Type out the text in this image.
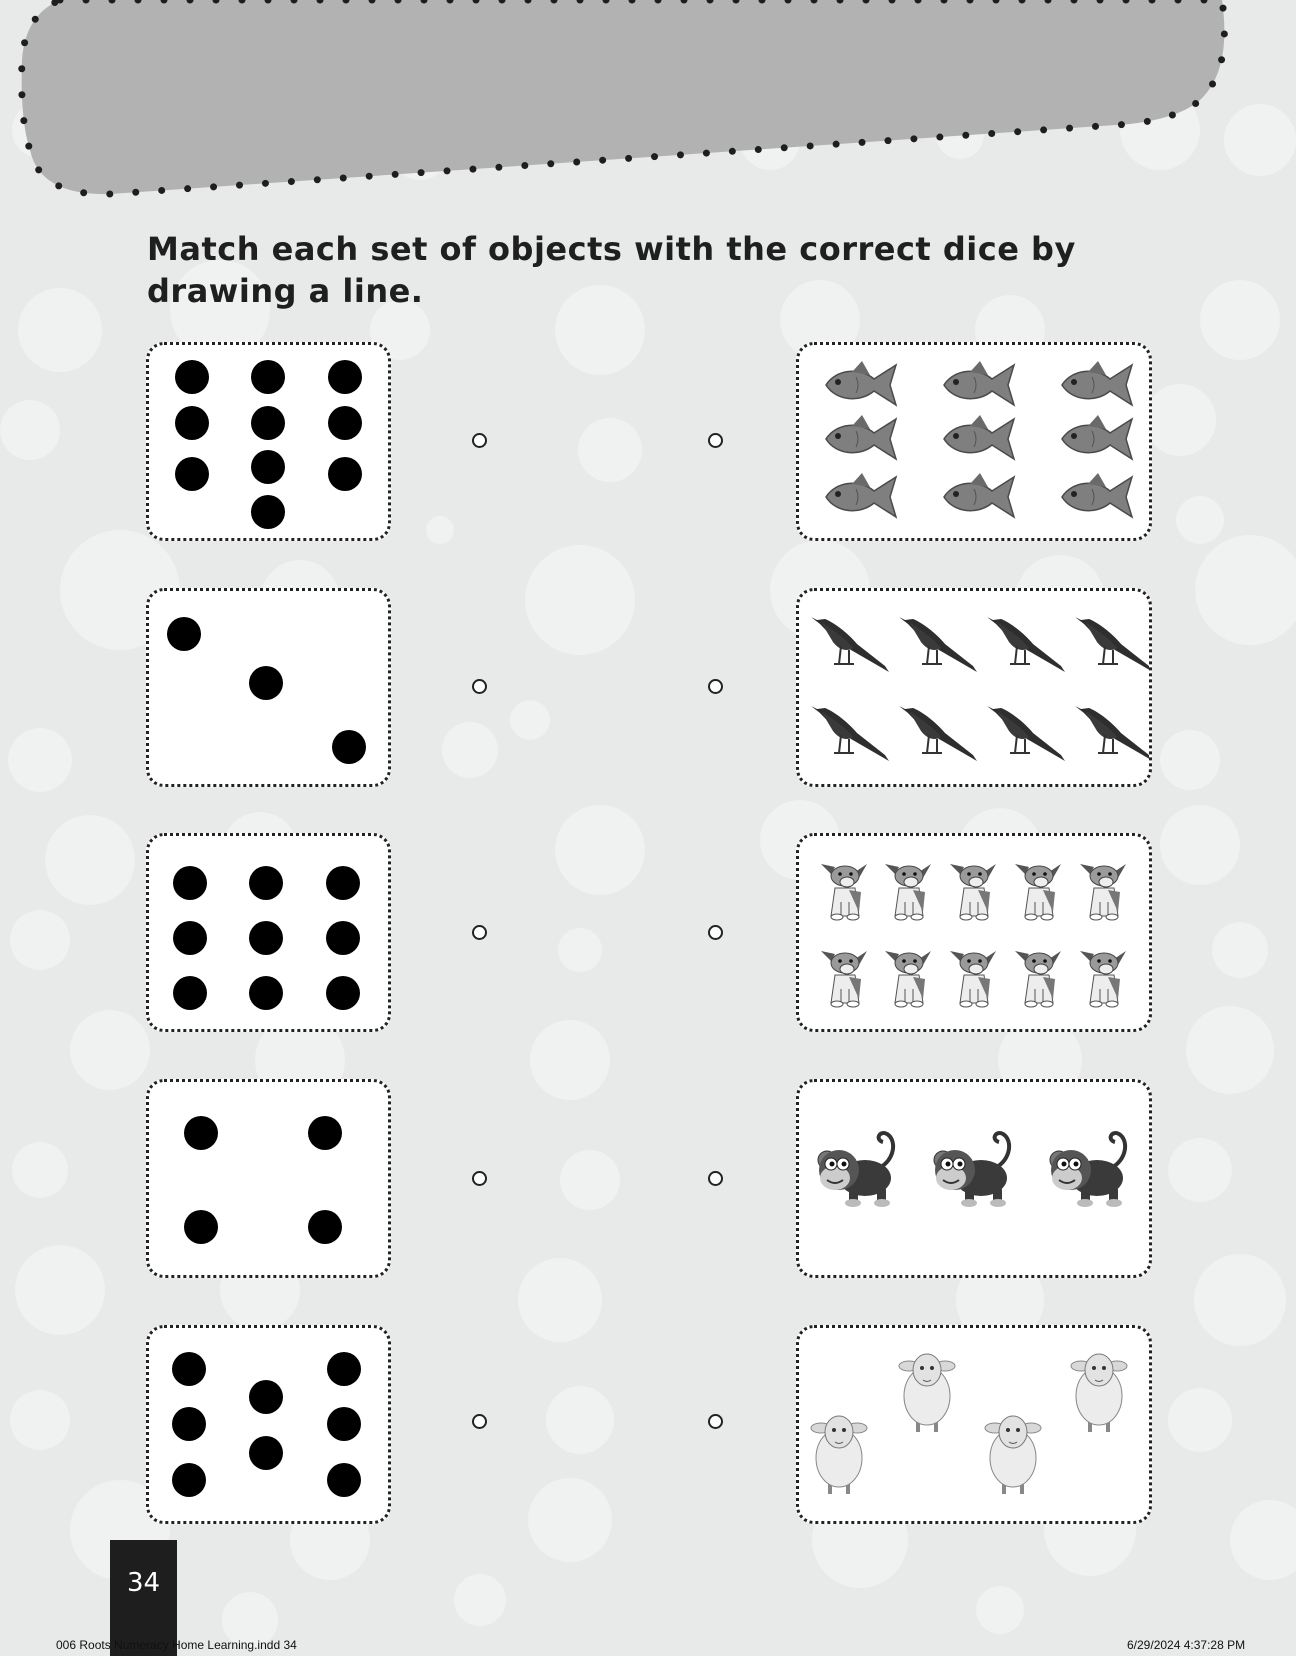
Match each set of objects with the correct dice by drawing a line.

34
006 Roots Numeracy Home Learning.indd 34	6/29/2024 4:37:28 PM
